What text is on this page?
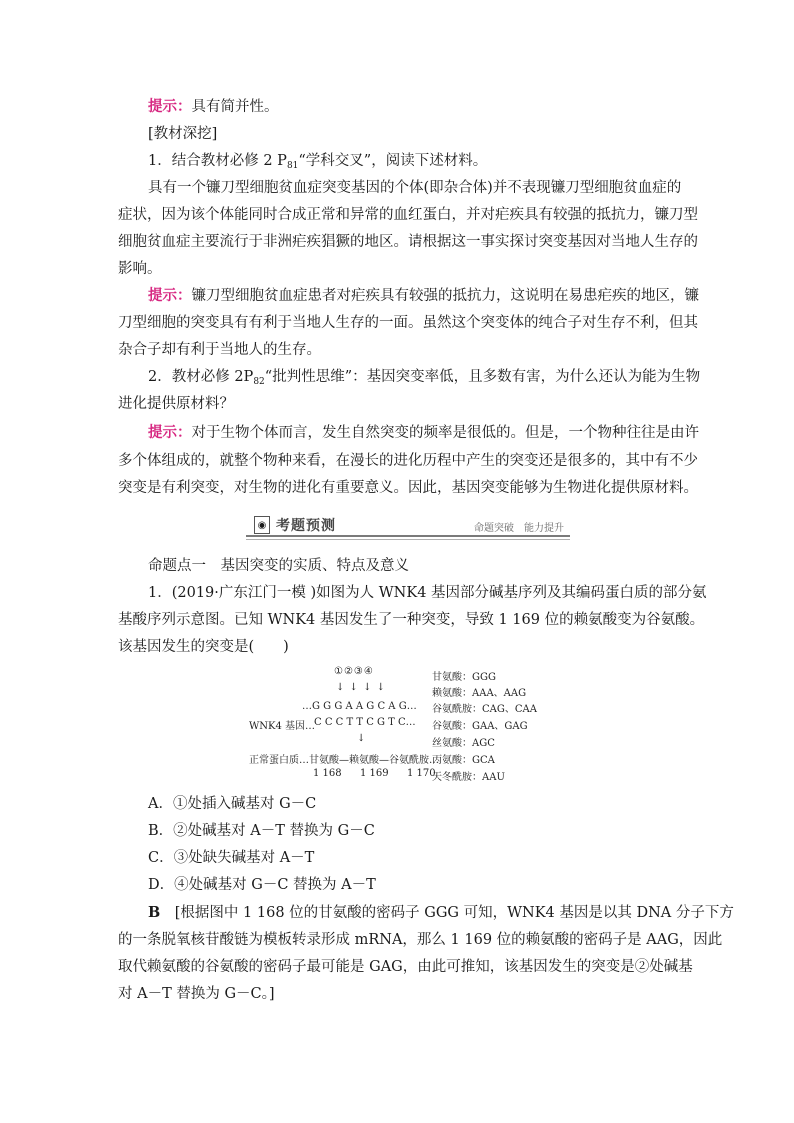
提示：具有简并性。
[教材深挖]
1．结合教材必修 2 $P_{81}“$学科交叉”，阅读下述材料。
具有一个镰刀型细胞贫血症突变基因的个体(即杂合体)并不表现镰刀型细胞贫血症的
症状，因为该个体能同时合成正常和异常的血红蛋白，并对疟疾具有较强的抵抗力，镰刀型
细胞贫血症主要流行于非洲疟疾猖獗的地区。请根据这一事实探讨突变基因对当地人生存的
影响。
提示：镰刀型细胞贫血症患者对疟疾具有较强的抵抗力，这说明在易患疟疾的地区，镰
刀型细胞的突变具有有利于当地人生存的一面。虽然这个突变体的纯合子对生存不利，但其
杂合子却有利于当地人的生存。
2．教材必修 $2P_{82}“$批判性思维”：基因突变率低，且多数有害，为什么还认为能为生物
进化提供原材料？
提示：对于生物个体而言，发生自然突变的频率是很低的。但是，一个物种往往是由许
多个体组成的，就整个物种来看，在漫长的进化历程中产生的突变还是很多的，其中有不少
突变是有利突变，对生物的进化有重要意义。因此，基因突变能够为生物进化提供原材料。
◉ 考题预测	命题突破　能力提升
命题点一　基因突变的实质、特点及意义
1．(2019·广东江门一模 )如图为人 WNK4 基因部分碱基序列及其编码蛋白质的部分氨
基酸序列示意图。已知 WNK4 基因发生了一种突变，导致 1 169 位的赖氨酸变为谷氨酸。
该基因发生的突变是(　　)
①②③④
↓ ↓ ↓ ↓
…G G G A A G C A G…
WNK4 基因…
C C C T T C G T C…
↓
正常蛋白质…甘氨酸—赖氨酸—谷氨酰胺…
1 168 1 169 1 170
甘氨酸：GGG
赖氨酸：AAA、AAG
谷氨酰胺：CAG、CAA
谷氨酸：GAA、GAG
丝氨酸：AGC
丙氨酸：GCA
天冬酰胺：AAU
A．①处插入碱基对 G－C
B．②处碱基对 A－T 替换为 G－C
C．③处缺失碱基对 A－T
D．④处碱基对 G－C 替换为 A－T
B　 [根据图中 1 168 位的甘氨酸的密码子 GGG 可知，WNK4 基因是以其 DNA 分子下方
的一条脱氧核苷酸链为模板转录形成 mRNA，那么 1 169 位的赖氨酸的密码子是 AAG，因此
取代赖氨酸的谷氨酸的密码子最可能是 GAG，由此可推知，该基因发生的突变是②处碱基
对 A－T 替换为 G－C。]
